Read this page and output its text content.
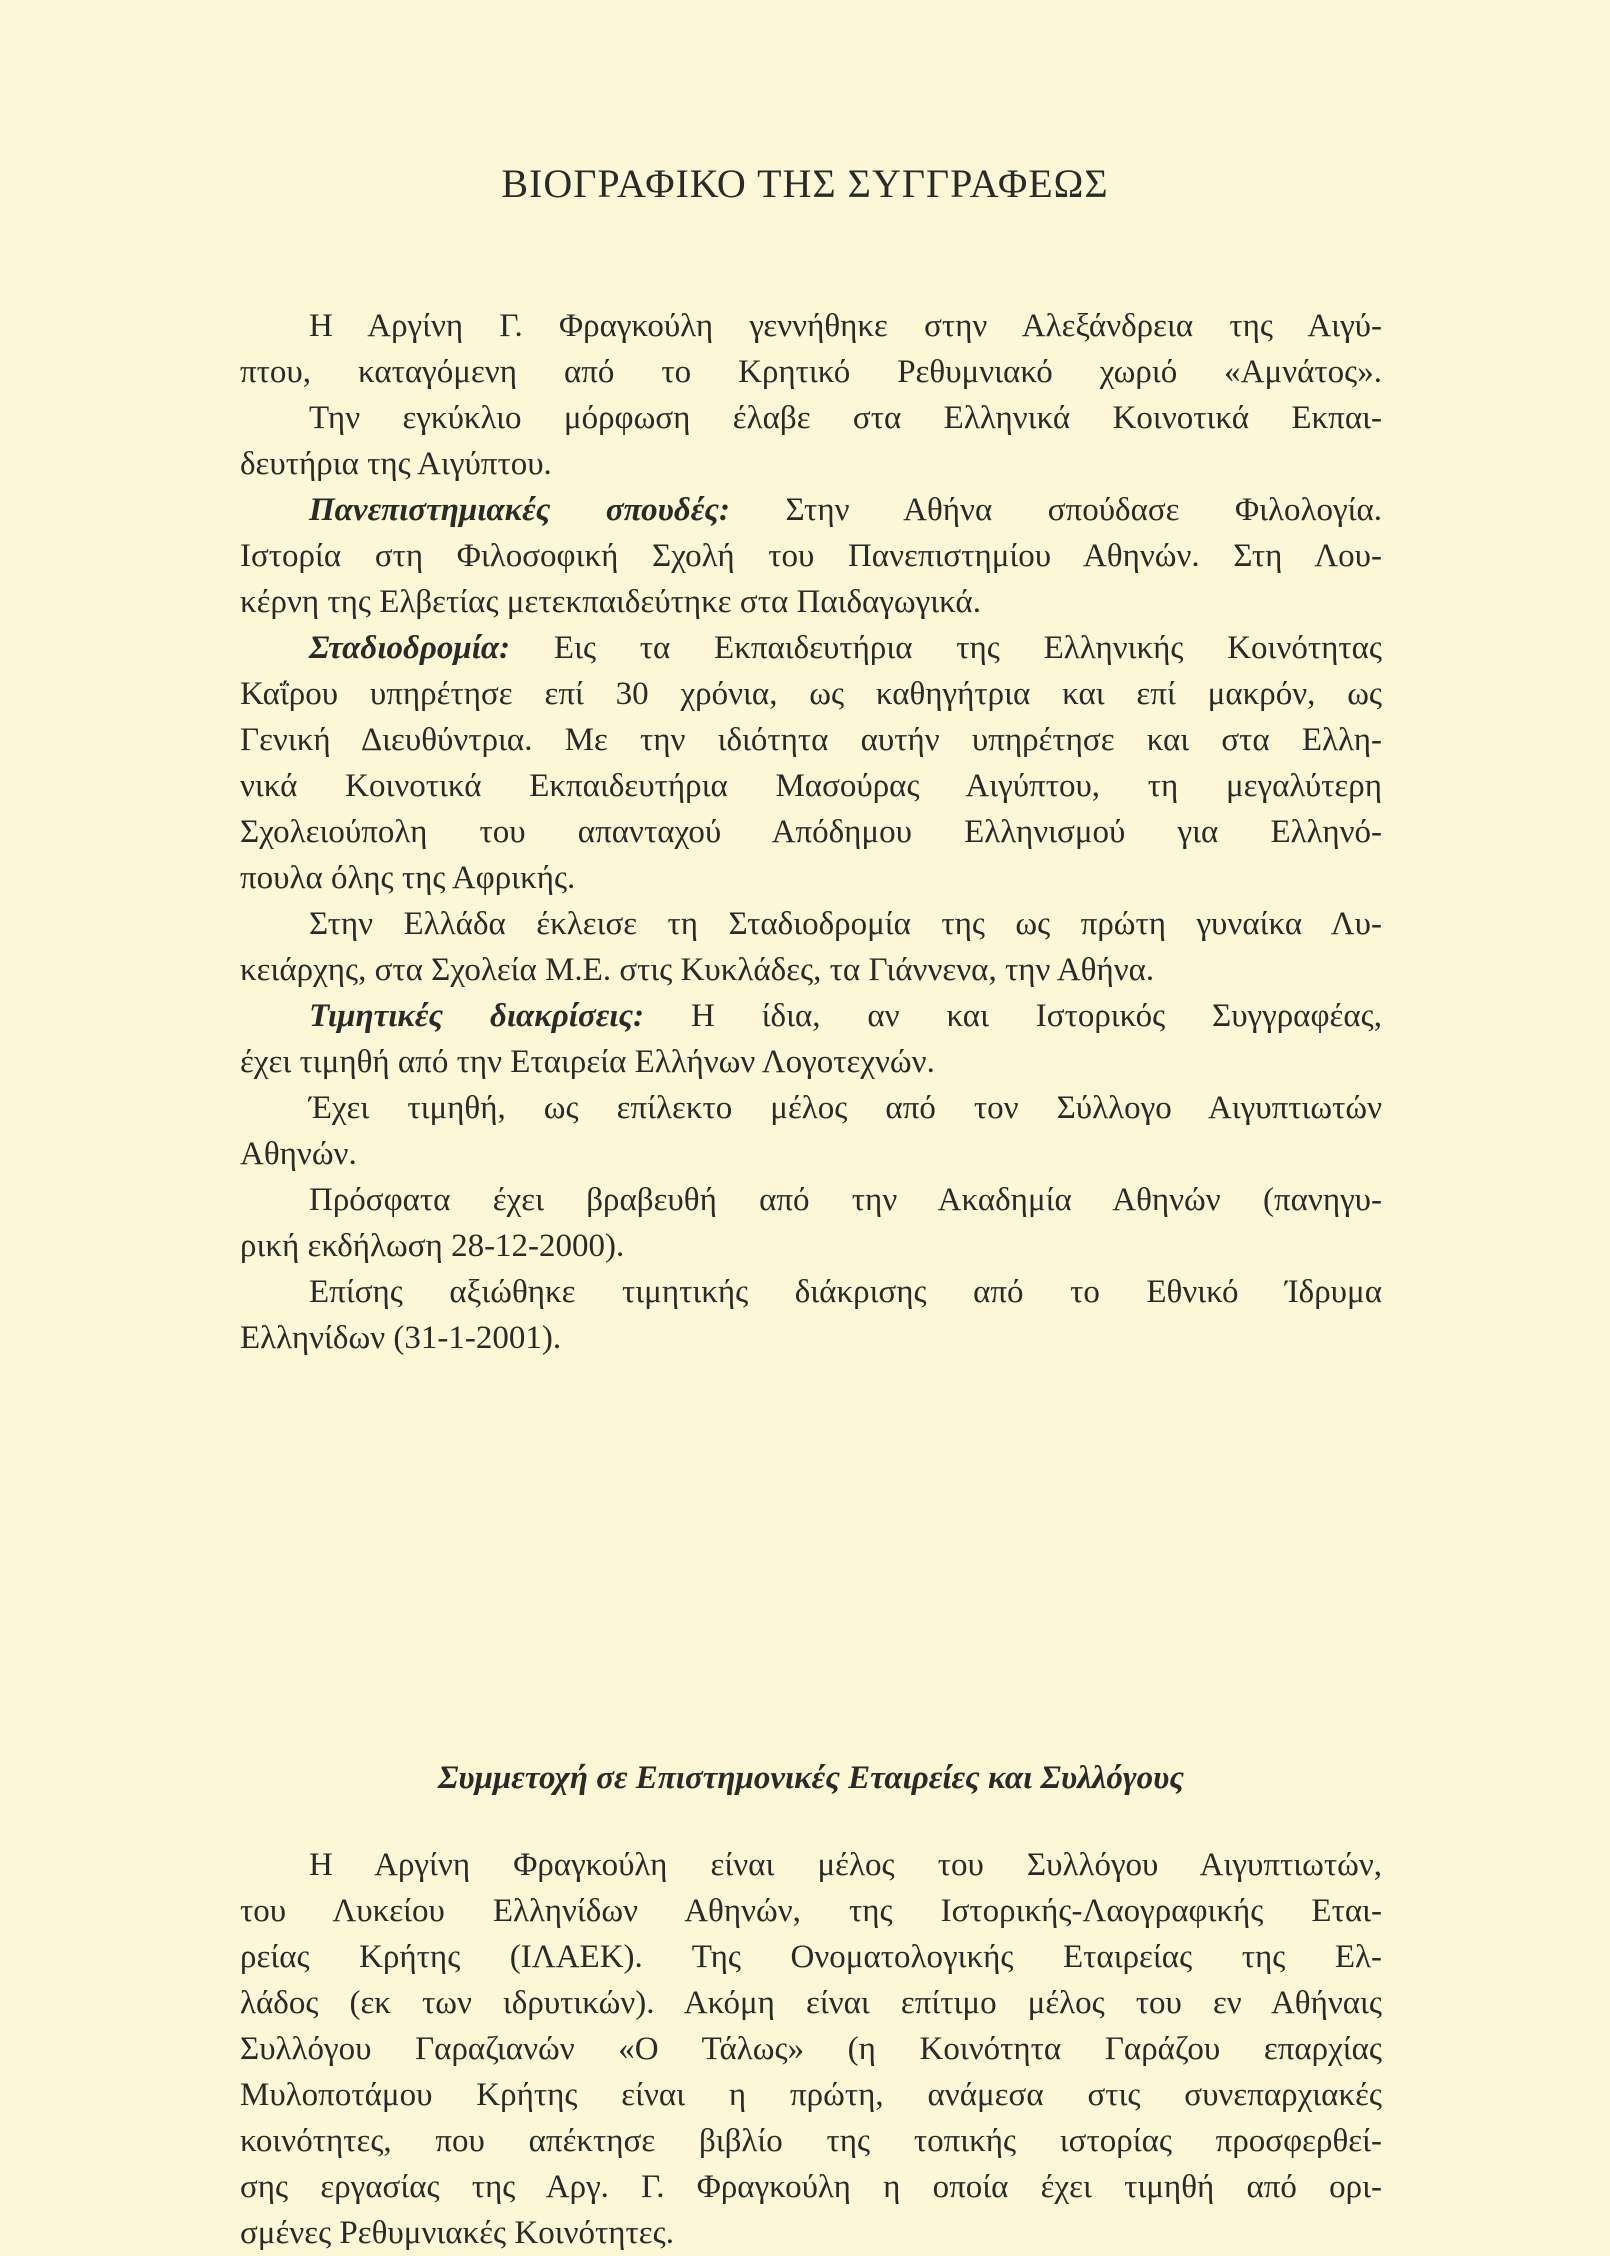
ΒΙΟΓΡΑΦΙΚΟ ΤΗΣ ΣΥΓΓΡΑΦΕΩΣ
Η Αργίνη Γ. Φραγκούλη γεννήθηκε στην Αλεξάνδρεια της Αιγύ-
πτου, καταγόμενη από το Κρητικό Ρεθυμνιακό χωριό «Αμνάτος».
Την εγκύκλιο μόρφωση έλαβε στα Ελληνικά Κοινοτικά Εκπαι-
δευτήρια της Αιγύπτου.
Πανεπιστημιακές σπουδές: Στην Αθήνα σπούδασε Φιλολογία.
Ιστορία στη Φιλοσοφική Σχολή του Πανεπιστημίου Αθηνών. Στη Λου-
κέρνη της Ελβετίας μετεκπαιδεύτηκε στα Παιδαγωγικά.
Σταδιοδρομία: Εις τα Εκπαιδευτήρια της Ελληνικής Κοινότητας
Καΐρου υπηρέτησε επί 30 χρόνια, ως καθηγήτρια και επί μακρόν, ως
Γενική Διευθύντρια. Με την ιδιότητα αυτήν υπηρέτησε και στα Ελλη-
νικά Κοινοτικά Εκπαιδευτήρια Μασούρας Αιγύπτου, τη μεγαλύτερη
Σχολειούπολη του απανταχού Απόδημου Ελληνισμού για Ελληνό-
πουλα όλης της Αφρικής.
Στην Ελλάδα έκλεισε τη Σταδιοδρομία της ως πρώτη γυναίκα Λυ-
κειάρχης, στα Σχολεία Μ.Ε. στις Κυκλάδες, τα Γιάννενα, την Αθήνα.
Τιμητικές διακρίσεις: Η ίδια, αν και Ιστορικός Συγγραφέας,
έχει τιμηθή από την Εταιρεία Ελλήνων Λογοτεχνών.
Έχει τιμηθή, ως επίλεκτο μέλος από τον Σύλλογο Αιγυπτιωτών
Αθηνών.
Πρόσφατα έχει βραβευθή από την Ακαδημία Αθηνών (πανηγυ-
ρική εκδήλωση 28-12-2000).
Επίσης αξιώθηκε τιμητικής διάκρισης από το Εθνικό Ίδρυμα
Ελληνίδων (31-1-2001).
Συμμετοχή σε Επιστημονικές Εταιρείες και Συλλόγους
Η Αργίνη Φραγκούλη είναι μέλος του Συλλόγου Αιγυπτιωτών,
του Λυκείου Ελληνίδων Αθηνών, της Ιστορικής-Λαογραφικής Εται-
ρείας Κρήτης (ΙΛΑΕΚ). Της Ονοματολογικής Εταιρείας της Ελ-
λάδος (εκ των ιδρυτικών). Ακόμη είναι επίτιμο μέλος του εν Αθήναις
Συλλόγου Γαραζιανών «Ο Τάλως» (η Κοινότητα Γαράζου επαρχίας
Μυλοποτάμου Κρήτης είναι η πρώτη, ανάμεσα στις συνεπαρχιακές
κοινότητες, που απέκτησε βιβλίο της τοπικής ιστορίας προσφερθεί-
σης εργασίας της Αργ. Γ. Φραγκούλη η οποία έχει τιμηθή από ορι-
σμένες Ρεθυμνιακές Κοινότητες.
